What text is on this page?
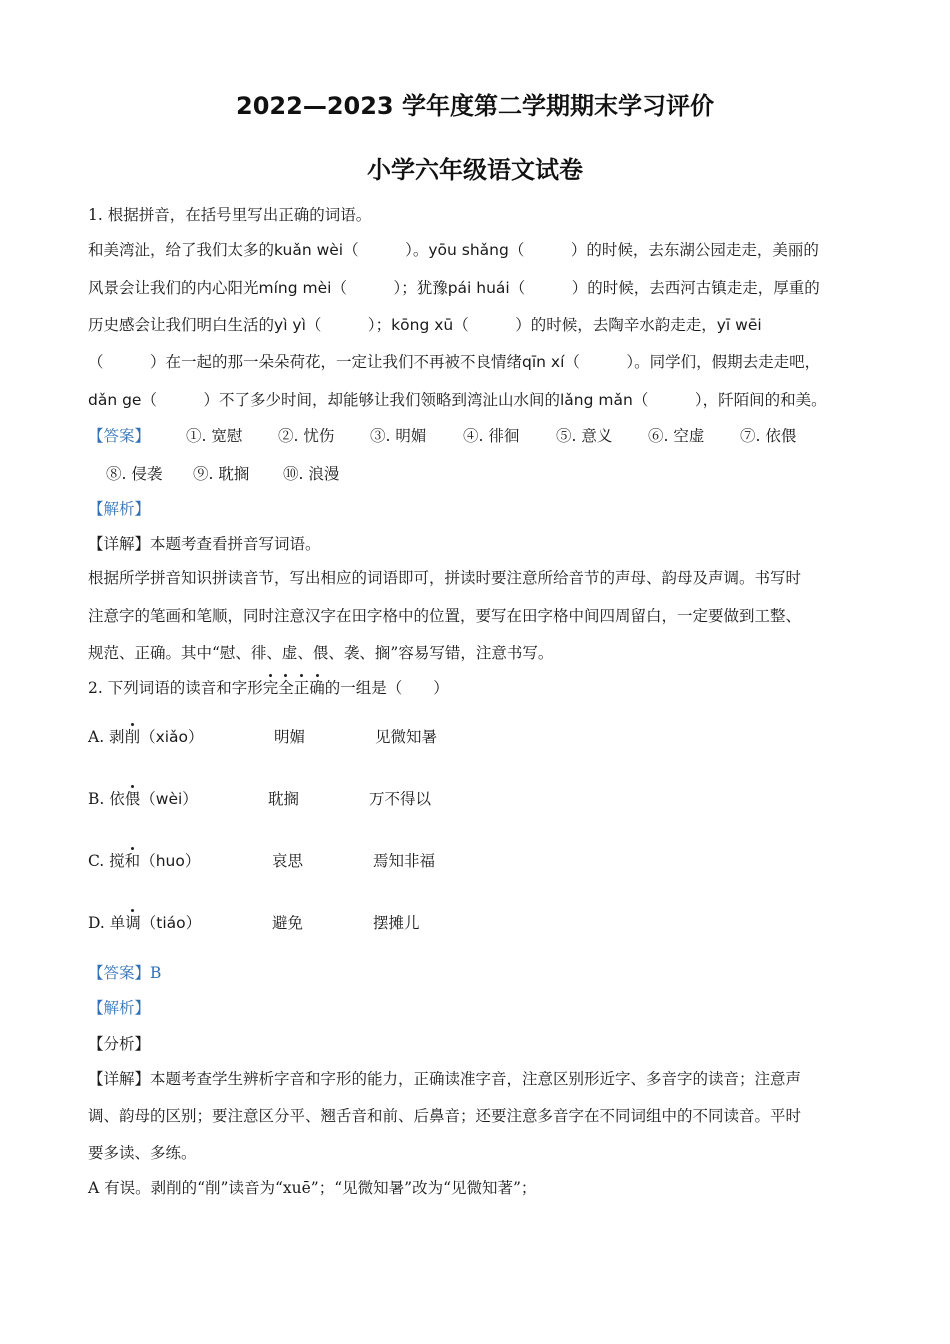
2022—2023 学年度第二学期期末学习评价
小学六年级语文试卷
1. 根据拼音，在括号里写出正确的词语。
和美湾沚，给了我们太多的kuǎn wèi（　　　）。yōu shǎng（　　　）的时候，去东湖公园走走，美丽的
风景会让我们的内心阳光míng mèi（　　　）；犹豫pái huái（　　　）的时候，去西河古镇走走，厚重的
历史感会让我们明白生活的yì yì（　　　）；kōng xū（　　　）的时候，去陶辛水韵走走，yī wēi
（　　　）在一起的那一朵朵荷花，一定让我们不再被不良情绪qīn xí（　　　）。同学们，假期去走走吧，
dǎn ge（　　　）不了多少时间，却能够让我们领略到湾沚山水间的lǎng mǎn（　　　），阡陌间的和美。
【答案】 ①. 宽慰 ②. 忧伤 ③. 明媚 ④. 徘徊 ⑤. 意义 ⑥. 空虚 ⑦. 依偎
⑧. 侵袭 ⑨. 耽搁 ⑩. 浪漫
【解析】
【详解】本题考查看拼音写词语。
根据所学拼音知识拼读音节，写出相应的词语即可，拼读时要注意所给音节的声母、韵母及声调。书写时
注意字的笔画和笔顺，同时注意汉字在田字格中的位置，要写在田字格中间四周留白，一定要做到工整、
规范、正确。其中“慰、徘、虚、偎、袭、搁”容易写错，注意书写。
2. 下列词语的读音和字形完全正确的一组是（　　）
A. 剥削（xiǎo）	明媚	见微知暑
B. 依偎（wèi）	耽搁	万不得以
C. 搅和（huo）	哀思	焉知非福
D. 单调（tiáo）	避免	摆摊儿
【答案】B
【解析】
【分析】
【详解】本题考查学生辨析字音和字形的能力，正确读准字音，注意区别形近字、多音字的读音；注意声
调、韵母的区别；要注意区分平、翘舌音和前、后鼻音；还要注意多音字在不同词组中的不同读音。平时
要多读、多练。
A 有误。剥削的“削”读音为“xuē”；“见微知暑”改为“见微知著”；
